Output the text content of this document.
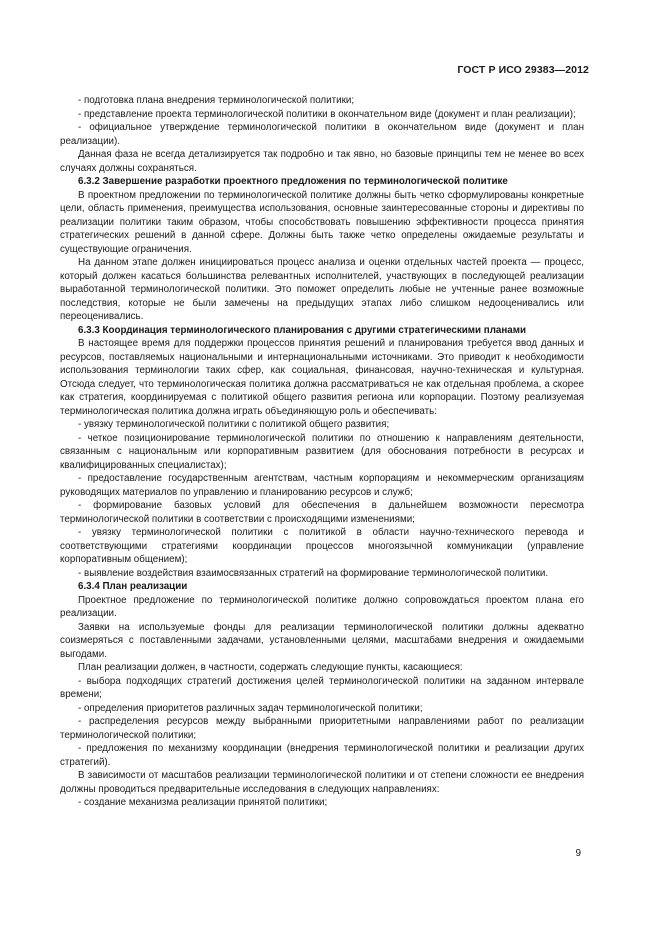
ГОСТ Р ИСО 29383—2012

- подготовка плана внедрения терминологической политики;

- представление проекта терминологической политики в окончательном виде (документ и план реализации);

- официальное утверждение терминологической политики в окончательном виде (документ и план реализации).

Данная фаза не всегда детализируется так подробно и так явно, но базовые принципы тем не менее во всех случаях должны сохраняться.

6.3.2 Завершение разработки проектного предложения по терминологической политике

В проектном предложении по терминологической политике должны быть четко сформулированы конкретные цели, область применения, преимущества использования, основные заинтересованные стороны и директивы по реализации политики таким образом, чтобы способствовать повышению эффективности процесса принятия стратегических решений в данной сфере. Должны быть также четко определены ожидаемые результаты и существующие ограничения.

На данном этапе должен инициироваться процесс анализа и оценки отдельных частей проекта — процесс, который должен касаться большинства релевантных исполнителей, участвующих в последующей реализации выработанной терминологической политики. Это поможет определить любые не учтенные ранее возможные последствия, которые не были замечены на предыдущих этапах либо слишком недооценивались или переоценивались.

6.3.3 Координация терминологического планирования с другими стратегическими планами

В настоящее время для поддержки процессов принятия решений и планирования требуется ввод данных и ресурсов, поставляемых национальными и интернациональными источниками. Это приводит к необходимости использования терминологии таких сфер, как социальная, финансовая, научно-техническая и культурная. Отсюда следует, что терминологическая политика должна рассматриваться не как отдельная проблема, а скорее как стратегия, координируемая с политикой общего развития региона или корпорации. Поэтому реализуемая терминологическая политика должна играть объединяющую роль и обеспечивать:

- увязку терминологической политики с политикой общего развития;

- четкое позиционирование терминологической политики по отношению к направлениям деятельности, связанным с национальным или корпоративным развитием (для обоснования потребности в ресурсах и квалифицированных специалистах);

- предоставление государственным агентствам, частным корпорациям и некоммерческим организациям руководящих материалов по управлению и планированию ресурсов и служб;

- формирование базовых условий для обеспечения в дальнейшем возможности пересмотра терминологической политики в соответствии с происходящими изменениями;

- увязку терминологической политики с политикой в области научно-технического перевода и соответствующими стратегиями координации процессов многоязычной коммуникации (управление корпоративным общением);

- выявление воздействия взаимосвязанных стратегий на формирование терминологической политики.

6.3.4 План реализации

Проектное предложение по терминологической политике должно сопровождаться проектом плана его реализации.

Заявки на используемые фонды для реализации терминологической политики должны адекватно соизмеряться с поставленными задачами, установленными целями, масштабами внедрения и ожидаемыми выгодами.

План реализации должен, в частности, содержать следующие пункты, касающиеся:

- выбора подходящих стратегий достижения целей терминологической политики на заданном интервале времени;

- определения приоритетов различных задач терминологической политики;

- распределения ресурсов между выбранными приоритетными направлениями работ по реализации терминологической политики;

- предложения по механизму координации (внедрения терминологической политики и реализации других стратегий).

В зависимости от масштабов реализации терминологической политики и от степени сложности ее внедрения должны проводиться предварительные исследования в следующих направлениях:

- создание механизма реализации принятой политики;

9
